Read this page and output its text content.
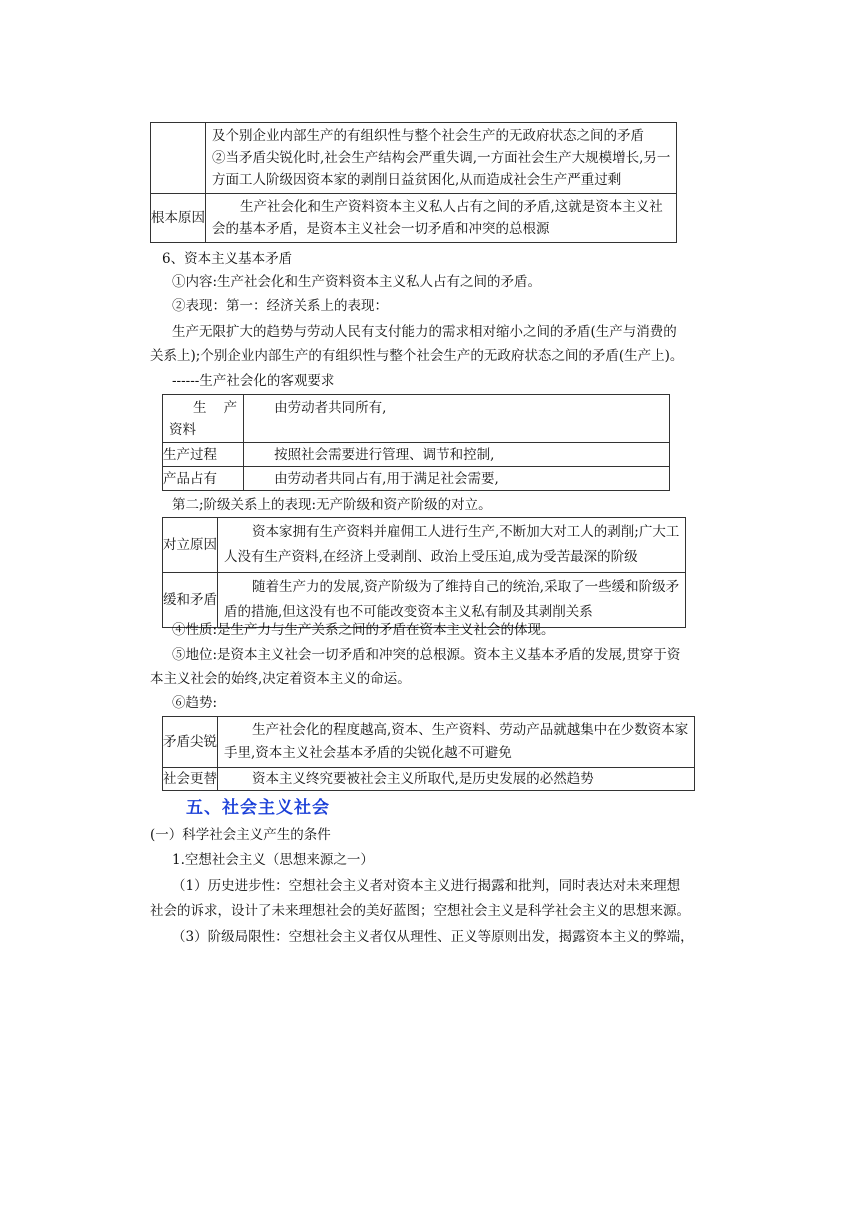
	及个别企业内部生产的有组织性与整个社会生产的无政府状态之间的矛盾
②当矛盾尖锐化时,社会生产结构会严重失调,一方面社会生产大规模增长,另一
方面工人阶级因资本家的剥削日益贫困化,从而造成社会生产严重过剩

根本原因	生产社会化和生产资料资本主义私人占有之间的矛盾,这就是资本主义社
会的基本矛盾，是资本主义社会一切矛盾和冲突的总根源
6、资本主义基本矛盾
①内容:生产社会化和生产资料资本主义私人占有之间的矛盾。
②表现：第一：经济关系上的表现：
生产无限扩大的趋势与劳动人民有支付能力的需求相对缩小之间的矛盾(生产与消费的
关系上);个别企业内部生产的有组织性与整个社会生产的无政府状态之间的矛盾(生产上)。
------生产社会化的客观要求
生    产
资料	由劳动者共同所有,

生产过程	按照社会需要进行管理、调节和控制,

产品占有	由劳动者共同占有,用于满足社会需要,
第二;阶级关系上的表现:无产阶级和资产阶级的对立。
对立原因	资本家拥有生产资料并雇佣工人进行生产,不断加大对工人的剥削;广大工
人没有生产资料,在经济上受剥削、政治上受压迫,成为受苦最深的阶级

缓和矛盾	随着生产力的发展,资产阶级为了维持自己的统治,采取了一些缓和阶级矛
盾的措施,但这没有也不可能改变资本主义私有制及其剥削关系
④性质:是生产力与生产关系之间的矛盾在资本主义社会的体现。
⑤地位:是资本主义社会一切矛盾和冲突的总根源。资本主义基本矛盾的发展,贯穿于资
本主义社会的始终,决定着资本主义的命运。
⑥趋势:
矛盾尖锐	生产社会化的程度越高,资本、生产资料、劳动产品就越集中在少数资本家
手里,资本主义社会基本矛盾的尖锐化越不可避免

社会更替	资本主义终究要被社会主义所取代,是历史发展的必然趋势
五、社会主义社会
(一）科学社会主义产生的条件
1.空想社会主义（思想来源之一）
（1）历史进步性：空想社会主义者对资本主义进行揭露和批判，同时表达对未来理想
社会的诉求，设计了未来理想社会的美好蓝图；空想社会主义是科学社会主义的思想来源。
（3）阶级局限性：空想社会主义者仅从理性、正义等原则出发，揭露资本主义的弊端，
